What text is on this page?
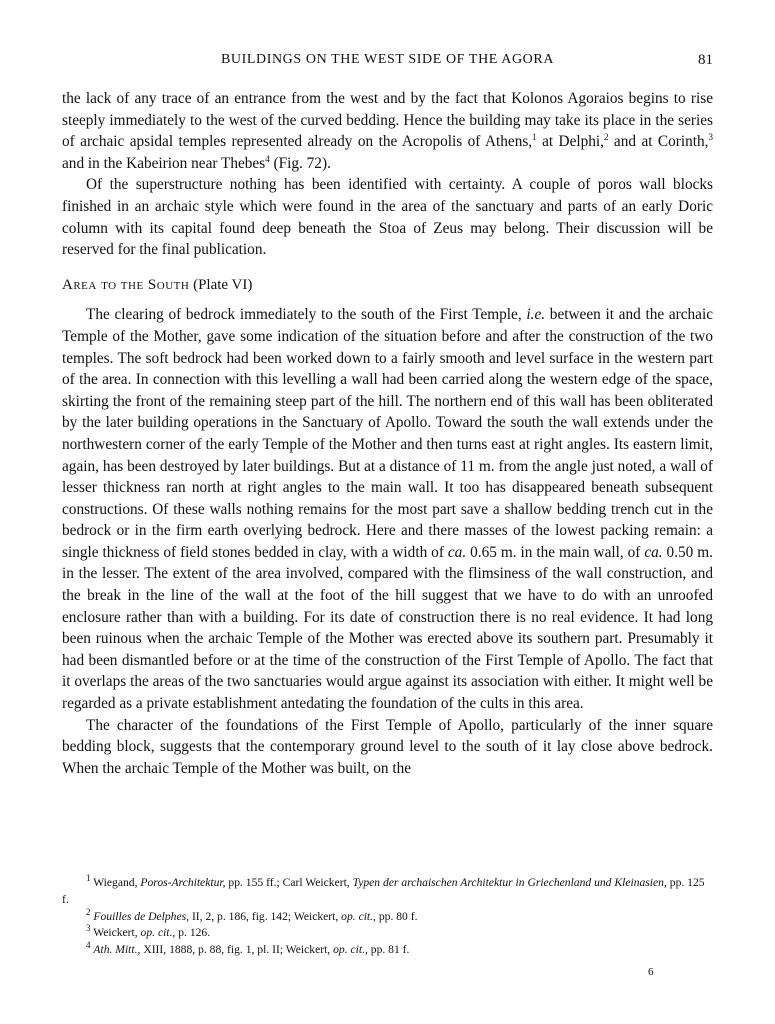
BUILDINGS ON THE WEST SIDE OF THE AGORA	81

the lack of any trace of an entrance from the west and by the fact that Kolonos Agoraios begins to rise steeply immediately to the west of the curved bedding. Hence the building may take its place in the series of archaic apsidal temples represented already on the Acropolis of Athens,$^1$ at Delphi,$^2$ and at Corinth,$^3$ and in the Kabeirion near Thebes$^4$ (Fig. 72).

Of the superstructure nothing has been identified with certainty. A couple of poros wall blocks finished in an archaic style which were found in the area of the sanctuary and parts of an early Doric column with its capital found deep beneath the Stoa of Zeus may belong. Their discussion will be reserved for the final publication.

Area to the South (Plate VI)

The clearing of bedrock immediately to the south of the First Temple, i.e. between it and the archaic Temple of the Mother, gave some indication of the situation before and after the construction of the two temples. The soft bedrock had been worked down to a fairly smooth and level surface in the western part of the area. In connection with this levelling a wall had been carried along the western edge of the space, skirting the front of the remaining steep part of the hill. The northern end of this wall has been obliterated by the later building operations in the Sanctuary of Apollo. Toward the south the wall extends under the northwestern corner of the early Temple of the Mother and then turns east at right angles. Its eastern limit, again, has been destroyed by later buildings. But at a distance of 11 m. from the angle just noted, a wall of lesser thickness ran north at right angles to the main wall. It too has disappeared beneath subsequent constructions. Of these walls nothing remains for the most part save a shallow bedding trench cut in the bedrock or in the firm earth overlying bedrock. Here and there masses of the lowest packing remain: a single thickness of field stones bedded in clay, with a width of ca. 0.65 m. in the main wall, of ca. 0.50 m. in the lesser. The extent of the area involved, compared with the flimsiness of the wall construction, and the break in the line of the wall at the foot of the hill suggest that we have to do with an unroofed enclosure rather than with a building. For its date of construction there is no real evidence. It had long been ruinous when the archaic Temple of the Mother was erected above its southern part. Presumably it had been dismantled before or at the time of the construction of the First Temple of Apollo. The fact that it overlaps the areas of the two sanctuaries would argue against its association with either. It might well be regarded as a private establishment antedating the foundation of the cults in this area.

The character of the foundations of the First Temple of Apollo, particularly of the inner square bedding block, suggests that the contemporary ground level to the south of it lay close above bedrock. When the archaic Temple of the Mother was built, on the

$^1$ Wiegand, Poros-Architektur, pp. 155 ff.; Carl Weickert, Typen der archaischen Architektur in Griechenland und Kleinasien, pp. 125 f.

$^2$ Fouilles de Delphes, II, 2, p. 186, fig. 142; Weickert, op. cit., pp. 80 f.

$^3$ Weickert, op. cit., p. 126.

$^4$ Ath. Mitt., XIII, 1888, p. 88, fig. 1, pl. II; Weickert, op. cit., pp. 81 f.

6
